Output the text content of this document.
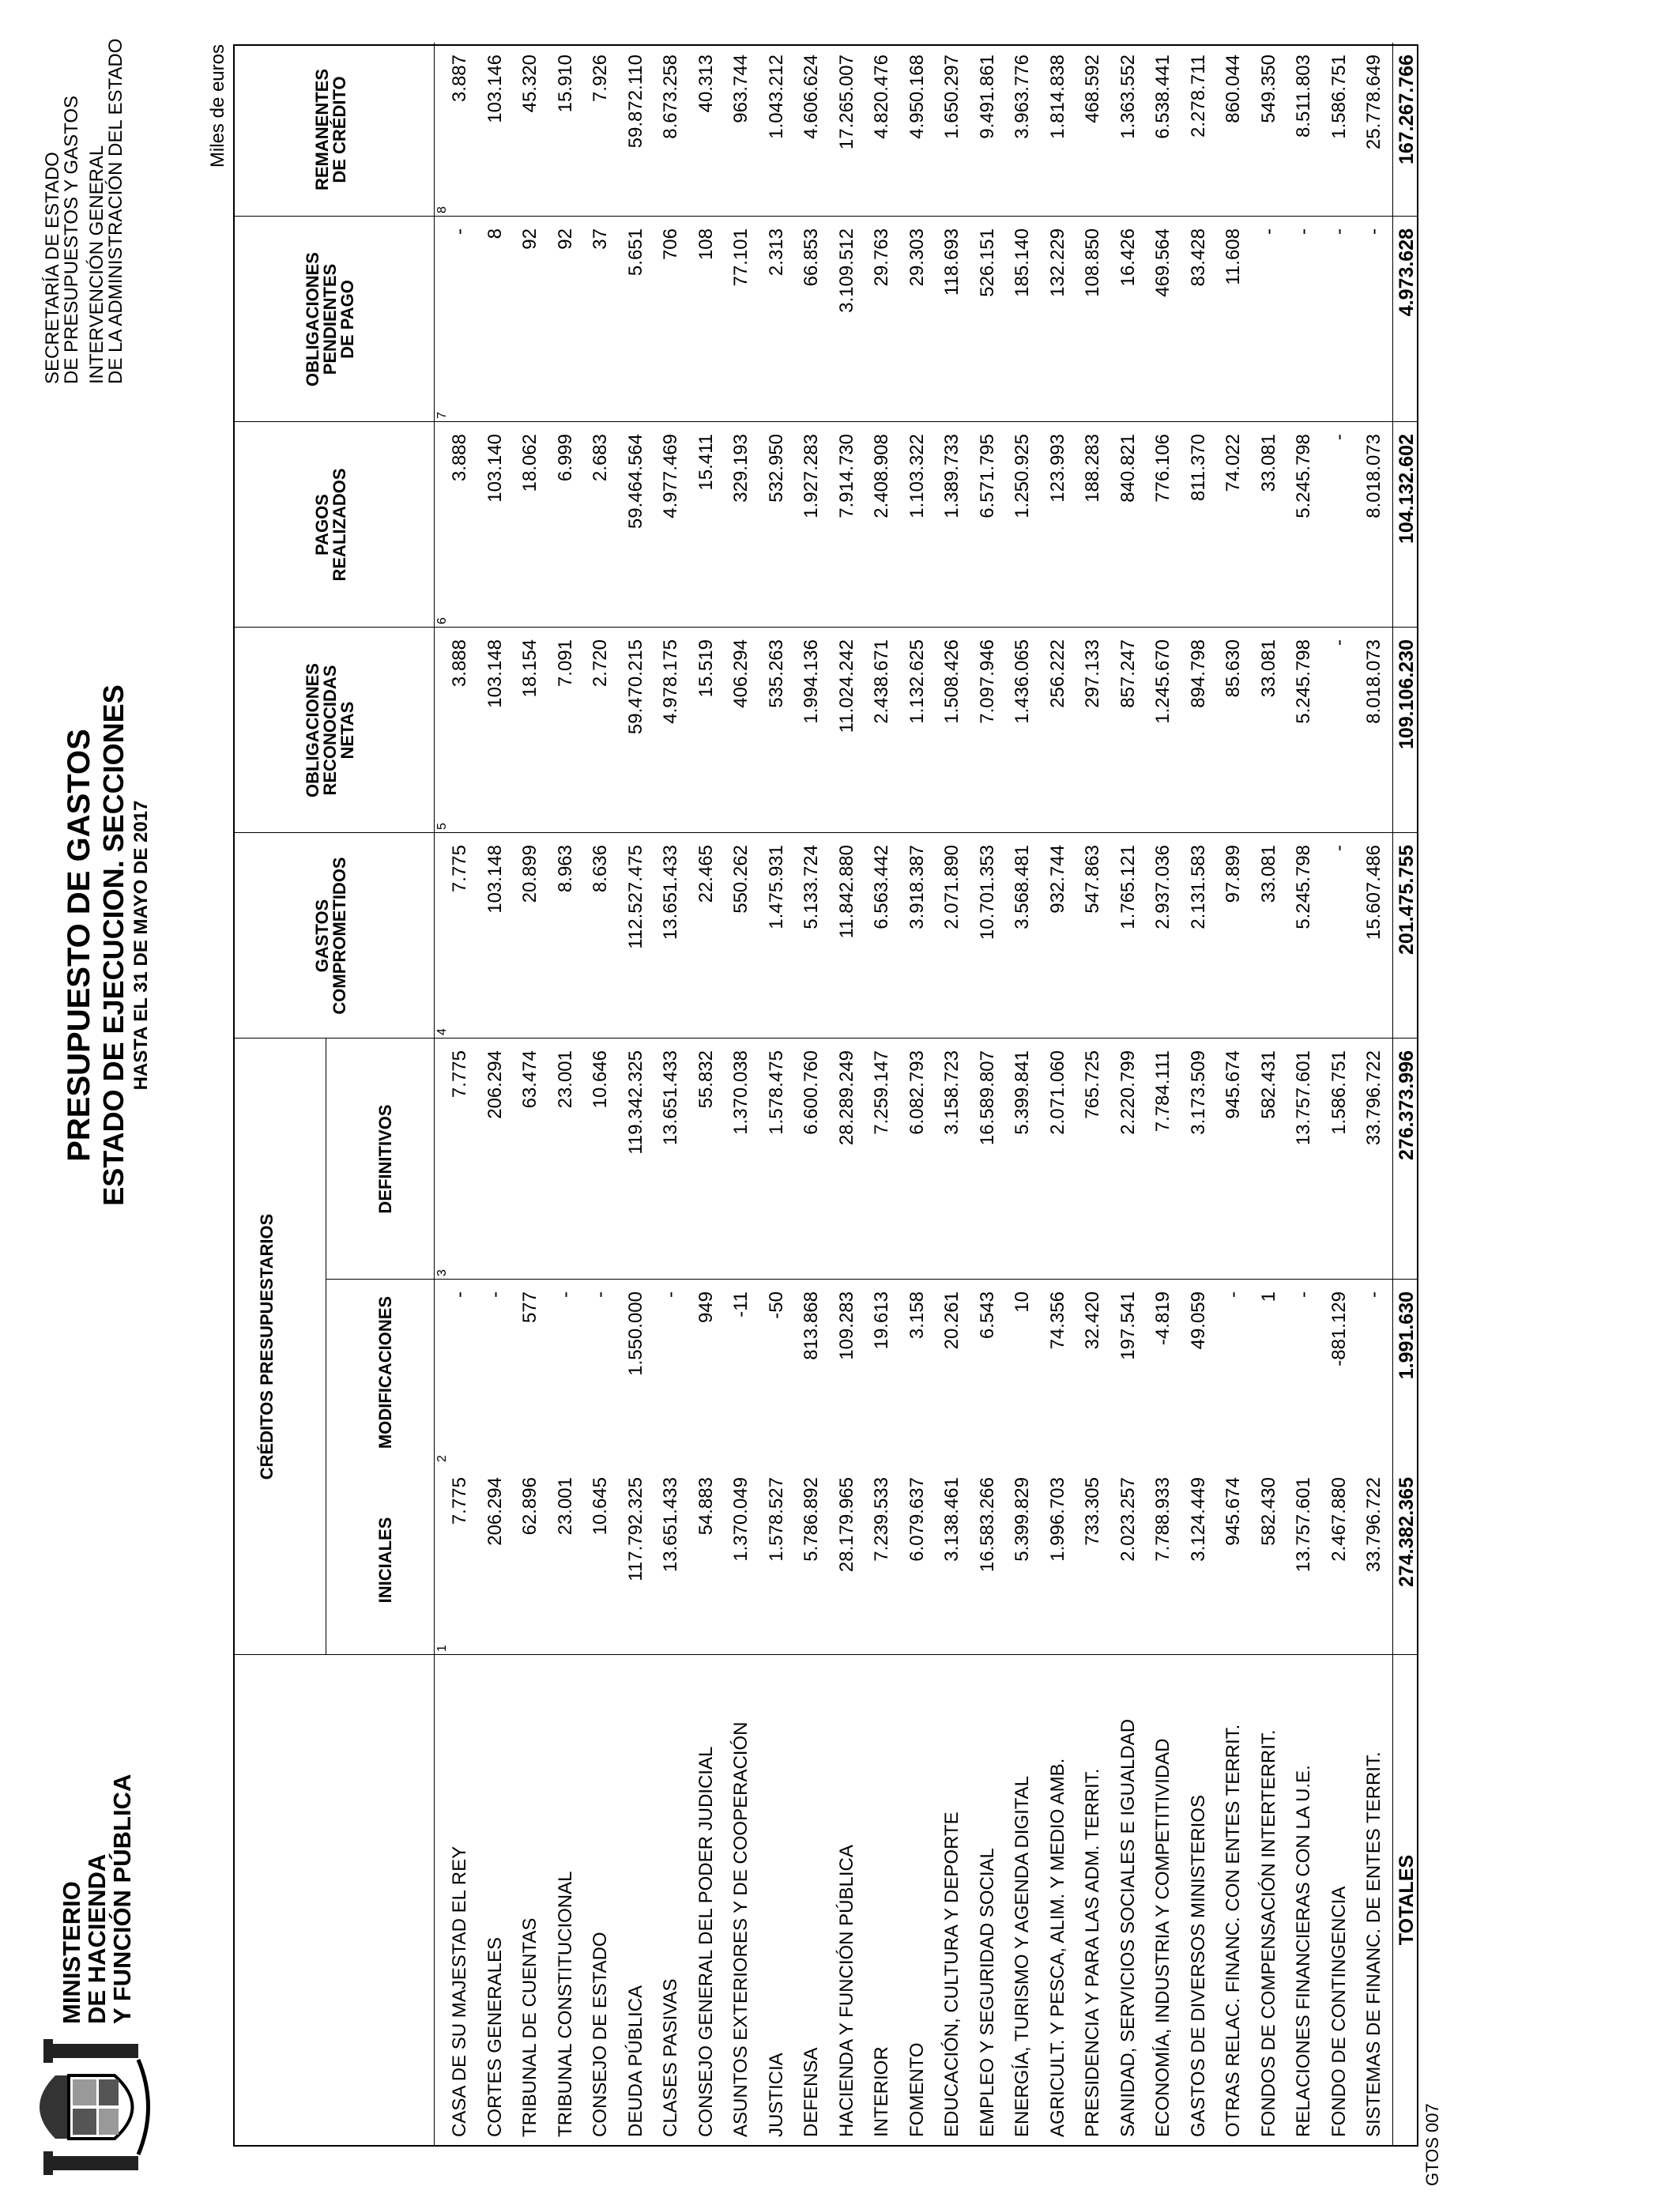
MINISTERIO
DE HACIENDA
Y FUNCIÓN PÚBLICA
PRESUPUESTO DE GASTOS ESTADO DE EJECUCION. SECCIONES HASTA EL 31 DE MAYO DE 2017
SECRETARÍA DE ESTADO
DE PRESUPUESTOS Y GASTOS INTERVENCIÓN GENERAL
DE LA ADMINISTRACIÓN DEL ESTADO	Miles de euros
CRÉDITOS PRESUPUESTARIOS
INICIALES
MODIFICACIONES
DEFINITIVOS
GASTOS
COMPROMETIDOS
OBLIGACIONES
RECONOCIDAS
NETAS
PAGOS
REALIZADOS
OBLIGACIONES
PENDIENTES
DE PAGO
REMANENTES
DE CRÉDITO
1
2
3
4
5
6
7
8
CASA DE SU MAJESTAD EL REY
7.775
-
7.775
7.775
3.888
3.888
-
3.887
CORTES GENERALES
206.294
-
206.294
103.148
103.148
103.140
8
103.146
TRIBUNAL DE CUENTAS
62.896
577
63.474
20.899
18.154
18.062
92
45.320
TRIBUNAL CONSTITUCIONAL
23.001
-
23.001
8.963
7.091
6.999
92
15.910
CONSEJO DE ESTADO
10.645
-
10.646
8.636
2.720
2.683
37
7.926
DEUDA PÚBLICA
117.792.325
1.550.000
119.342.325
112.527.475
59.470.215
59.464.564
5.651
59.872.110
CLASES PASIVAS
13.651.433
-
13.651.433
13.651.433
4.978.175
4.977.469
706
8.673.258
CONSEJO GENERAL DEL PODER JUDICIAL
54.883
949
55.832
22.465
15.519
15.411
108
40.313
ASUNTOS EXTERIORES Y DE COOPERACIÓN
1.370.049
-11
1.370.038
550.262
406.294
329.193
77.101
963.744
JUSTICIA
1.578.527
-50
1.578.475
1.475.931
535.263
532.950
2.313
1.043.212
DEFENSA
5.786.892
813.868
6.600.760
5.133.724
1.994.136
1.927.283
66.853
4.606.624
HACIENDA Y FUNCIÓN PÚBLICA
28.179.965
109.283
28.289.249
11.842.880
11.024.242
7.914.730
3.109.512
17.265.007
INTERIOR
7.239.533
19.613
7.259.147
6.563.442
2.438.671
2.408.908
29.763
4.820.476
FOMENTO
6.079.637
3.158
6.082.793
3.918.387
1.132.625
1.103.322
29.303
4.950.168
EDUCACIÓN, CULTURA Y DEPORTE
3.138.461
20.261
3.158.723
2.071.890
1.508.426
1.389.733
118.693
1.650.297
EMPLEO Y SEGURIDAD SOCIAL
16.583.266
6.543
16.589.807
10.701.353
7.097.946
6.571.795
526.151
9.491.861
ENERGÍA, TURISMO Y AGENDA DIGITAL
5.399.829
10
5.399.841
3.568.481
1.436.065
1.250.925
185.140
3.963.776
AGRICULT. Y PESCA, ALIM. Y MEDIO AMB.
1.996.703
74.356
2.071.060
932.744
256.222
123.993
132.229
1.814.838
PRESIDENCIA Y PARA LAS ADM. TERRIT.
733.305
32.420
765.725
547.863
297.133
188.283
108.850
468.592
SANIDAD, SERVICIOS SOCIALES E IGUALDAD
2.023.257
197.541
2.220.799
1.765.121
857.247
840.821
16.426
1.363.552
ECONOMÍA, INDUSTRIA Y COMPETITIVIDAD
7.788.933
-4.819
7.784.111
2.937.036
1.245.670
776.106
469.564
6.538.441
GASTOS DE DIVERSOS MINISTERIOS
3.124.449
49.059
3.173.509
2.131.583
894.798
811.370
83.428
2.278.711
OTRAS RELAC. FINANC. CON ENTES TERRIT.
945.674
-
945.674
97.899
85.630
74.022
11.608
860.044
FONDOS DE COMPENSACIÓN INTERTERRIT.
582.430
1
582.431
33.081
33.081
33.081
-
549.350
RELACIONES FINANCIERAS CON LA U.E.
13.757.601
-
13.757.601
5.245.798
5.245.798
5.245.798
-
8.511.803
FONDO DE CONTINGENCIA
2.467.880
-881.129
1.586.751
-
-
-
-
1.586.751
SISTEMAS DE FINANC. DE ENTES TERRIT.
33.796.722
-
33.796.722
15.607.486
8.018.073
8.018.073
-
25.778.649
TOTALES
274.382.365
1.991.630
276.373.996
201.475.755
109.106.230
104.132.602
4.973.628
167.267.766
GTOS 007
